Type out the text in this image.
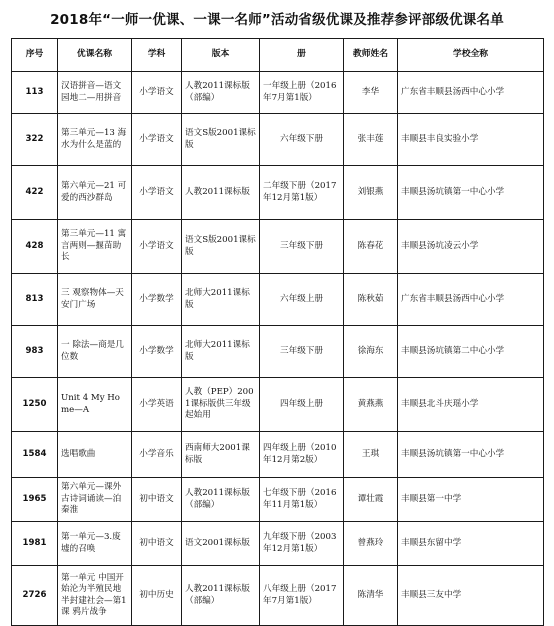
2018年“一师一优课、一课一名师”活动省级优课及推荐参评部级优课名单
序号	优课名称	学科	版本	册	教师姓名	学校全称
113	汉语拼音—语文园地二—用拼音	小学语文	人教2011课标版（部编）	一年级上册（2016年7月第1版）	李华	广东省丰顺县汤西中心小学
322	第三单元—13 海水为什么是蓝的	小学语文	语文S版2001课标版	六年级下册	张丰莲	丰顺县丰良实验小学
422	第六单元—21 可爱的西沙群岛	小学语文	人教2011课标版	二年级下册（2017年12月第1版）	刘银燕	丰顺县汤坑镇第一中心小学
428	第三单元—11 寓言两则—揠苗助长	小学语文	语文S版2001课标版	三年级下册	陈春花	丰顺县汤坑凌云小学
813	三 观察物体—天安门广场	小学数学	北师大2011课标版	六年级上册	陈秋茹	广东省丰顺县汤西中心小学
983	一 除法—商是几位数	小学数学	北师大2011课标版	三年级下册	徐海东	丰顺县汤坑镇第二中心小学
1250	Unit 4 My Home—A	小学英语	人教（PEP）2001课标版供三年级起始用	四年级上册	黄燕燕	丰顺县北斗庆瑶小学
1584	选唱歌曲	小学音乐	西南师大2001课标版	四年级上册（2010年12月第2版）	王琪	丰顺县汤坑镇第一中心小学
1965	第六单元—课外古诗词诵读—泊秦淮	初中语文	人教2011课标版（部编）	七年级下册（2016年11月第1版）	谭壮霞	丰顺县第一中学
1981	第一单元—3.废墟的召唤	初中语文	语文2001课标版	九年级下册（2003年12月第1版）	曾燕玲	丰顺县东留中学
2726	第一单元 中国开始沦为半殖民地半封建社会—第1课 鸦片战争	初中历史	人教2011课标版（部编）	八年级上册（2017年7月第1版）	陈清华	丰顺县三友中学
